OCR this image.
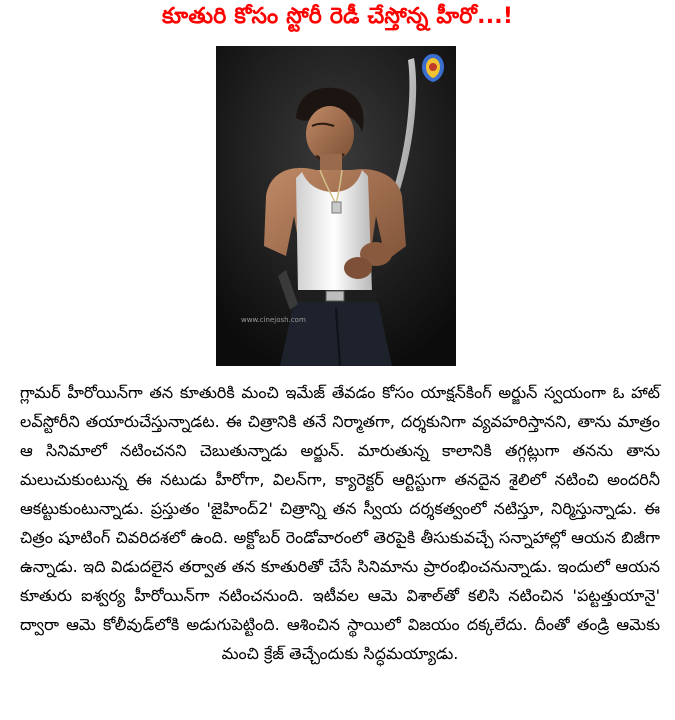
కూతురి కోసం స్టోరీ రెడీ చేస్తోన్న హీరో...!
www.cinejosh.com
గ్లామర్ హీరోయిన్‌గా తన కూతురికి మంచి ఇమేజ్ తేవడం కోసం యాక్షన్‌కింగ్ అర్జున్ స్వయంగా ఓ హాట్ లవ్‌స్టోరీని తయారుచేస్తున్నాడట. ఈ చిత్రానికి తనే నిర్మాతగా, దర్శకునిగా వ్యవహరిస్తానని, తాను మాత్రం ఆ సినిమాలో నటించనని చెబుతున్నాడు అర్జున్. మారుతున్న కాలానికి తగ్గట్లుగా తనను తాను మలుచుకుంటున్న ఈ నటుడు హీరోగా, విలన్‌గా, క్యారెక్టర్ ఆర్టిస్టుగా తనదైన శైలిలో నటించి అందరినీ ఆకట్టుకుంటున్నాడు. ప్రస్తుతం 'జైహింద్2' చిత్రాన్ని తన స్వీయ దర్శకత్వంలో నటిస్తూ, నిర్మిస్తున్నాడు. ఈ చిత్రం షూటింగ్ చివరిదశలో ఉంది. అక్టోబర్ రెండోవారంలో తెరపైకి తీసుకువచ్చే సన్నాహాల్లో ఆయన బిజీగా ఉన్నాడు. ఇది విడుదలైన తర్వాత తన కూతురితో చేసే సినిమాను ప్రారంభించనున్నాడు. ఇందులో ఆయన కూతురు ఐశ్వర్య హీరోయిన్‌గా నటించనుంది. ఇటీవల ఆమె విశాల్‌తో కలిసి నటించిన 'పట్టత్తుయానై' ద్వారా ఆమె కోలీవుడ్‌లోకి అడుగుపెట్టింది. ఆశించిన స్థాయిలో విజయం దక్కలేదు. దీంతో తండ్రి ఆమెకు మంచి క్రేజ్ తెచ్చేందుకు సిద్ధమయ్యాడు.
